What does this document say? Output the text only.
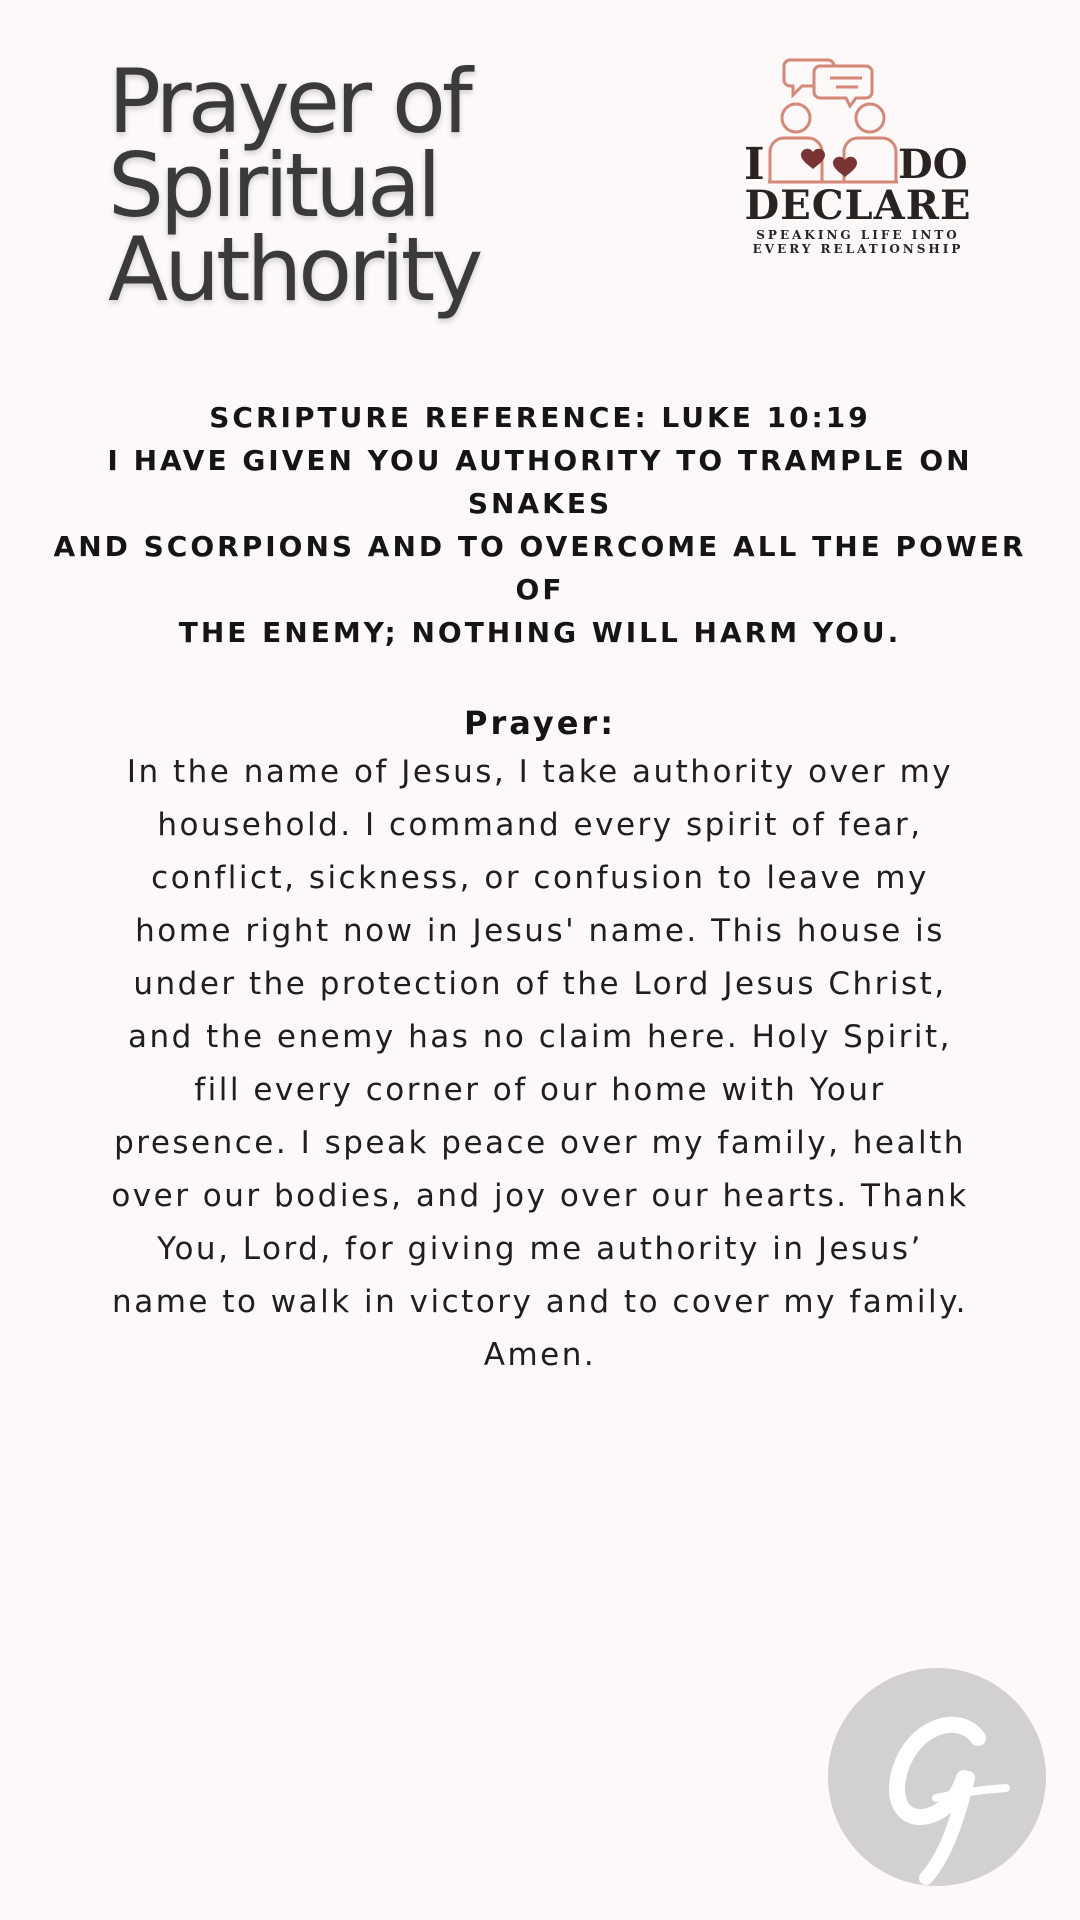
Prayer of
Spiritual
Authority
I	DO
DECLARE
SPEAKING LIFE INTO
EVERY RELATIONSHIP
SCRIPTURE REFERENCE: LUKE 10:19
I HAVE GIVEN YOU AUTHORITY TO TRAMPLE ON SNAKES
AND SCORPIONS AND TO OVERCOME ALL THE POWER OF
THE ENEMY; NOTHING WILL HARM YOU.
Prayer:
In the name of Jesus, I take authority over my
household. I command every spirit of fear,
conflict, sickness, or confusion to leave my
home right now in Jesus' name. This house is
under the protection of the Lord Jesus Christ,
and the enemy has no claim here. Holy Spirit,
fill every corner of our home with Your
presence. I speak peace over my family, health
over our bodies, and joy over our hearts. Thank
You, Lord, for giving me authority in Jesus’
name to walk in victory and to cover my family.
Amen.
